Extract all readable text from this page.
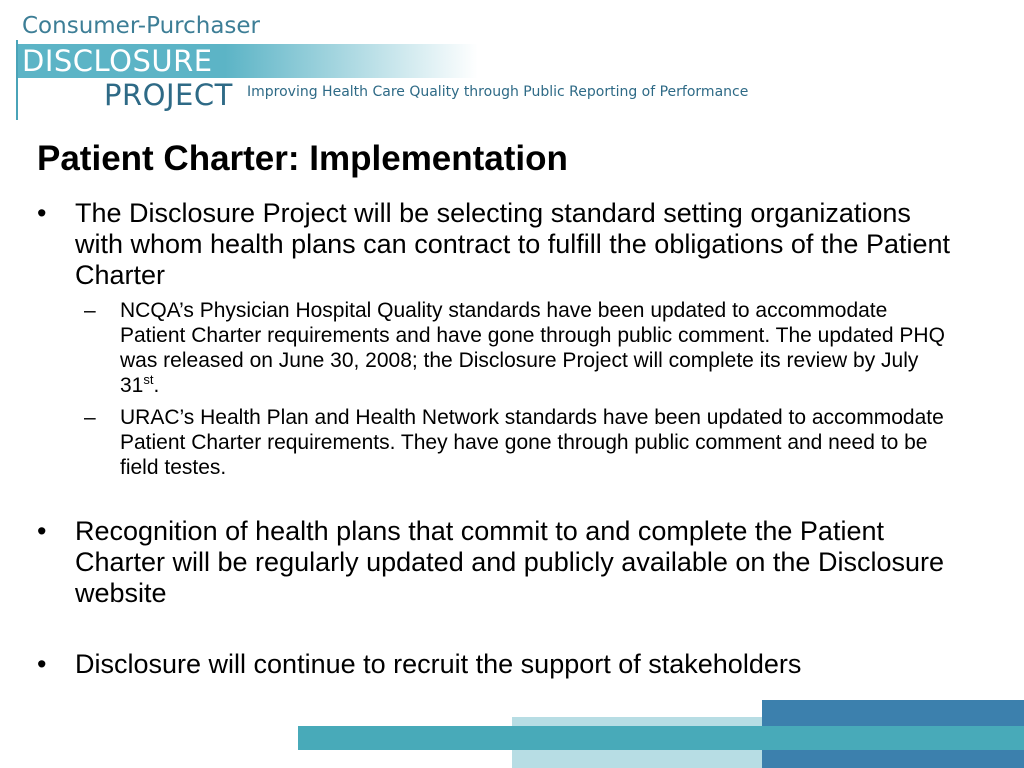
Consumer-Purchaser
DISCLOSURE
PROJECT Improving Health Care Quality through Public Reporting of Performance
Patient Charter: Implementation
• The Disclosure Project will be selecting standard setting organizations with whom health plans can contract to fulfill the obligations of the Patient Charter
– NCQA’s Physician Hospital Quality standards have been updated to accommodate Patient Charter requirements and have gone through public comment. The updated PHQ was released on June 30, 2008; the Disclosure Project will complete its review by July 31st.
– URAC’s Health Plan and Health Network standards have been updated to accommodate Patient Charter requirements. They have gone through public comment and need to be field testes.
• Recognition of health plans that commit to and complete the Patient Charter will be regularly updated and publicly available on the Disclosure website
• Disclosure will continue to recruit the support of stakeholders
